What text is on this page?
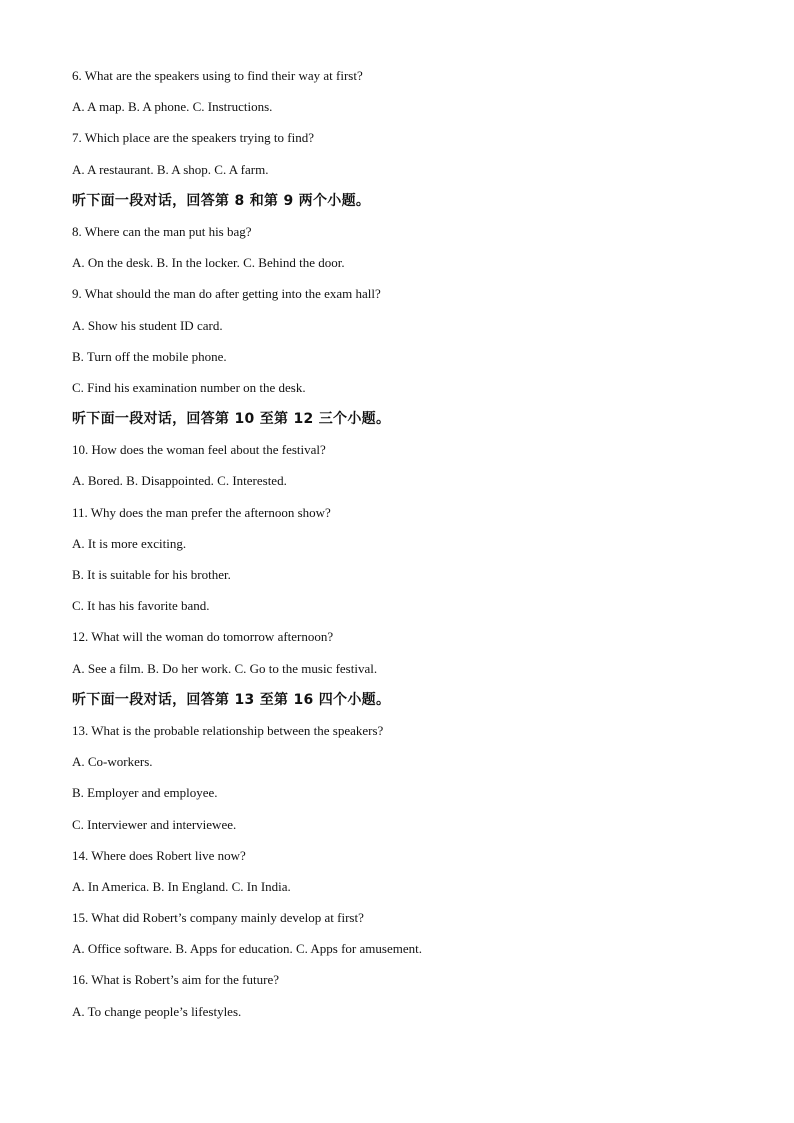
6. What are the speakers using to find their way at first?
A. A map. B. A phone. C. Instructions.
7. Which place are the speakers trying to find?
A. A restaurant. B. A shop. C. A farm.
听下面一段对话，回答第 8 和第 9 两个小题。
8. Where can the man put his bag?
A. On the desk. B. In the locker. C. Behind the door.
9. What should the man do after getting into the exam hall?
A. Show his student ID card.
B. Turn off the mobile phone.
C. Find his examination number on the desk.
听下面一段对话，回答第 10 至第 12 三个小题。
10. How does the woman feel about the festival?
A. Bored. B. Disappointed. C. Interested.
11. Why does the man prefer the afternoon show?
A. It is more exciting.
B. It is suitable for his brother.
C. It has his favorite band.
12. What will the woman do tomorrow afternoon?
A. See a film. B. Do her work. C. Go to the music festival.
听下面一段对话，回答第 13 至第 16 四个小题。
13. What is the probable relationship between the speakers?
A. Co-workers.
B. Employer and employee.
C. Interviewer and interviewee.
14. Where does Robert live now?
A. In America. B. In England. C. In India.
15. What did Robert’s company mainly develop at first?
A. Office software. B. Apps for education. C. Apps for amusement.
16. What is Robert’s aim for the future?
A. To change people’s lifestyles.
